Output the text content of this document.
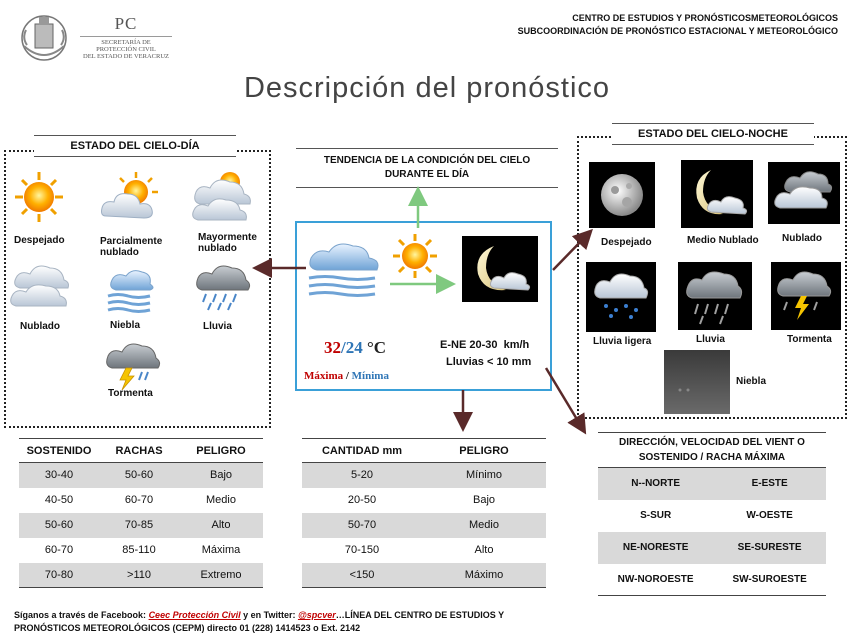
PC
SECRETARÍA DE
PROTECCIÓN CIVIL
DEL ESTADO DE VERACRUZ
CENTRO DE ESTUDIOS Y PRONÓSTICOSMETEOROLÓGICOS
SUBCOORDINACIÓN DE PRONÓSTICO ESTACIONAL Y METEOROLÓGICO
Descripción del pronóstico
ESTADO DEL CIELO-DÍA
Despejado	Parcialmente nublado
Mayormente nublado
Nublado	Niebla	Lluvia
Tormenta
ESTADO DEL CIELO-NOCHE
Despejado	Medio Nublado Nublado
Lluvia ligera	Lluvia	Tormenta
Niebla
TENDENCIA DE LA CONDICIÓN DEL CIELO
DURANTE EL DÍA
32/24 °C
Máxima / Mínima
E-NE 20-30  km/h
Lluvias < 10 mm
SOSTENIDO	RACHAS	PELIGRO
30-40	50-60	Bajo
40-50	60-70	Medio
50-60	70-85	Alto
60-70	85-110	Máxima
70-80	>110	Extremo
CANTIDAD mm	PELIGRO
5-20	Mínimo
20-50	Bajo
50-70	Medio
70-150	Alto
<150	Máximo
DIRECCIÓN, VELOCIDAD DEL VIENT O
SOSTENIDO / RACHA MÁXIMA
N--NORTE	E-ESTE
S-SUR	W-OESTE
NE-NORESTE	SE-SURESTE
NW-NOROESTE	SW-SUROESTE
Síganos a través de Facebook: Ceec Protección Civil y en Twitter: @spcver…LÍNEA DEL CENTRO DE ESTUDIOS Y PRONÓSTICOS METEOROLÓGICOS (CEPM) directo 01 (228) 1414523 o Ext. 2142
